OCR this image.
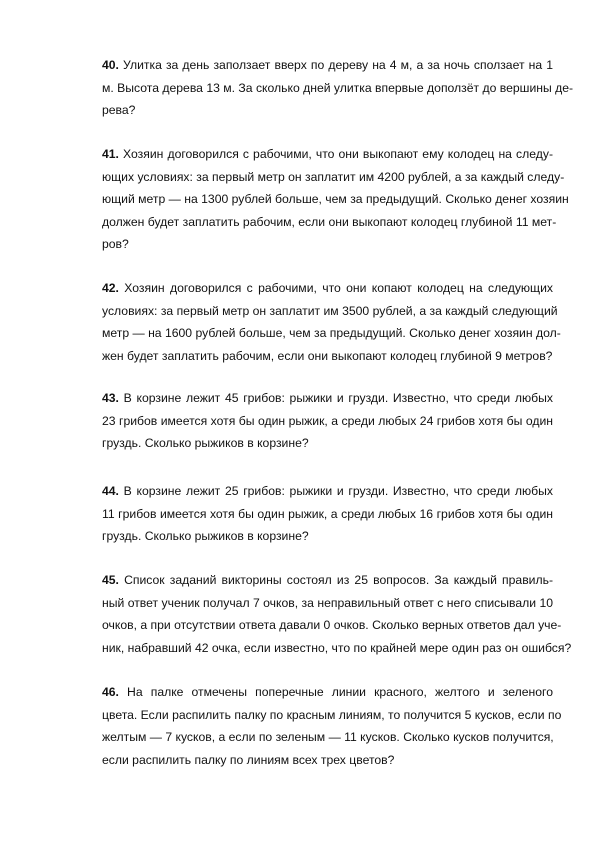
40. Улитка за день заползает вверх по дереву на 4 м, а за ночь сползает на 1
м. Высота дерева 13 м. За сколько дней улитка впервые доползёт до вершины де-
рева?
41. Хозяин договорился с рабочими, что они выкопают ему колодец на следу-
ющих условиях: за первый метр он заплатит им 4200 рублей, а за каждый следу-
ющий метр — на 1300 рублей больше, чем за предыдущий. Сколько денег хозяин
должен будет заплатить рабочим, если они выкопают колодец глубиной 11 мет-
ров?
42. Хозяин договорился с рабочими, что они копают колодец на следующих
условиях: за первый метр он заплатит им 3500 рублей, а за каждый следующий
метр — на 1600 рублей больше, чем за предыдущий. Сколько денег хозяин дол-
жен будет заплатить рабочим, если они выкопают колодец глубиной 9 метров?
43. В корзине лежит 45 грибов: рыжики и грузди. Известно, что среди любых
23 грибов имеется хотя бы один рыжик, а среди любых 24 грибов хотя бы один
груздь. Сколько рыжиков в корзине?
44. В корзине лежит 25 грибов: рыжики и грузди. Известно, что среди любых
11 грибов имеется хотя бы один рыжик, а среди любых 16 грибов хотя бы один
груздь. Сколько рыжиков в корзине?
45. Список заданий викторины состоял из 25 вопросов. За каждый правиль-
ный ответ ученик получал 7 очков, за неправильный ответ с него списывали 10
очков, а при отсутствии ответа давали 0 очков. Сколько верных ответов дал уче-
ник, набравший 42 очка, если известно, что по крайней мере один раз он ошибся?
46. На палке отмечены поперечные линии красного, желтого и зеленого
цвета. Если распилить палку по красным линиям, то получится 5 кусков, если по
желтым — 7 кусков, а если по зеленым — 11 кусков. Сколько кусков получится,
если распилить палку по линиям всех трех цветов?
